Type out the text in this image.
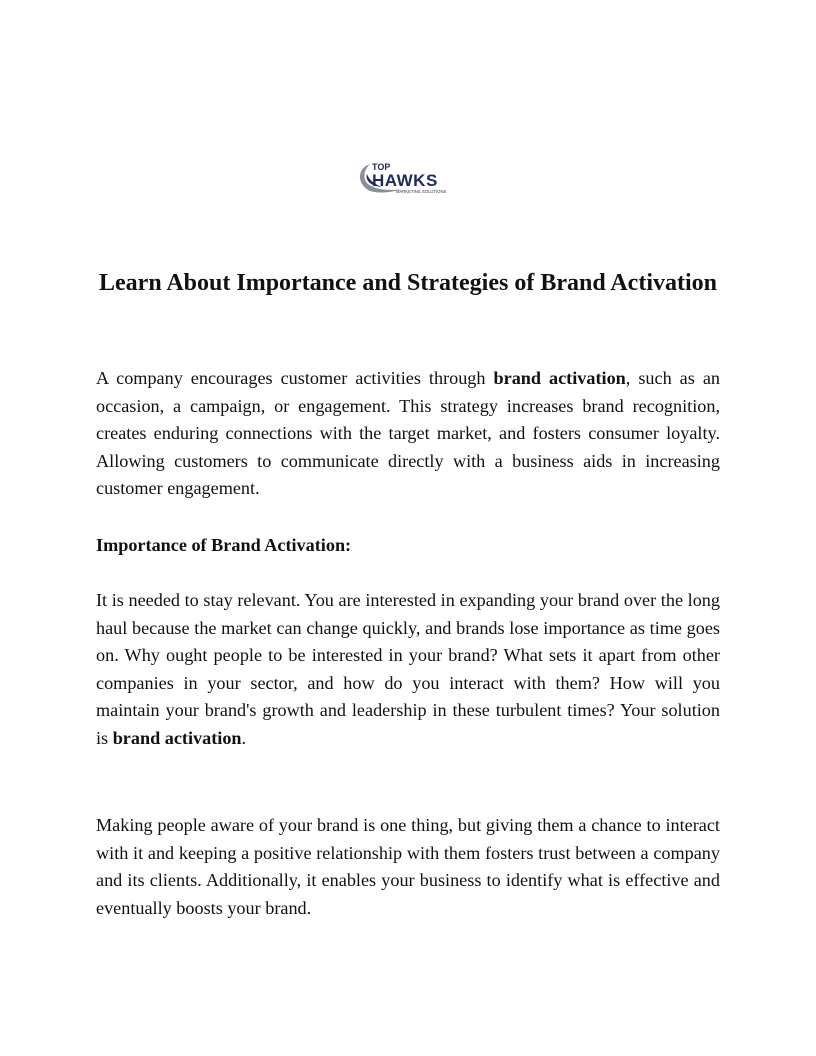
TOP
HAWKS
MARKETING SOLUTIONS
Learn About Importance and Strategies of Brand Activation

A company encourages customer activities through brand activation, such as an occasion, a campaign, or engagement. This strategy increases brand recognition, creates enduring connections with the target market, and fosters consumer loyalty. Allowing customers to communicate directly with a business aids in increasing customer engagement.

Importance of Brand Activation:

It is needed to stay relevant. You are interested in expanding your brand over the long haul because the market can change quickly, and brands lose importance as time goes on. Why ought people to be interested in your brand? What sets it apart from other companies in your sector, and how do you interact with them? How will you maintain your brand's growth and leadership in these turbulent times? Your solution is brand activation.

Making people aware of your brand is one thing, but giving them a chance to interact with it and keeping a positive relationship with them fosters trust between a company and its clients. Additionally, it enables your business to identify what is effective and eventually boosts your brand.
